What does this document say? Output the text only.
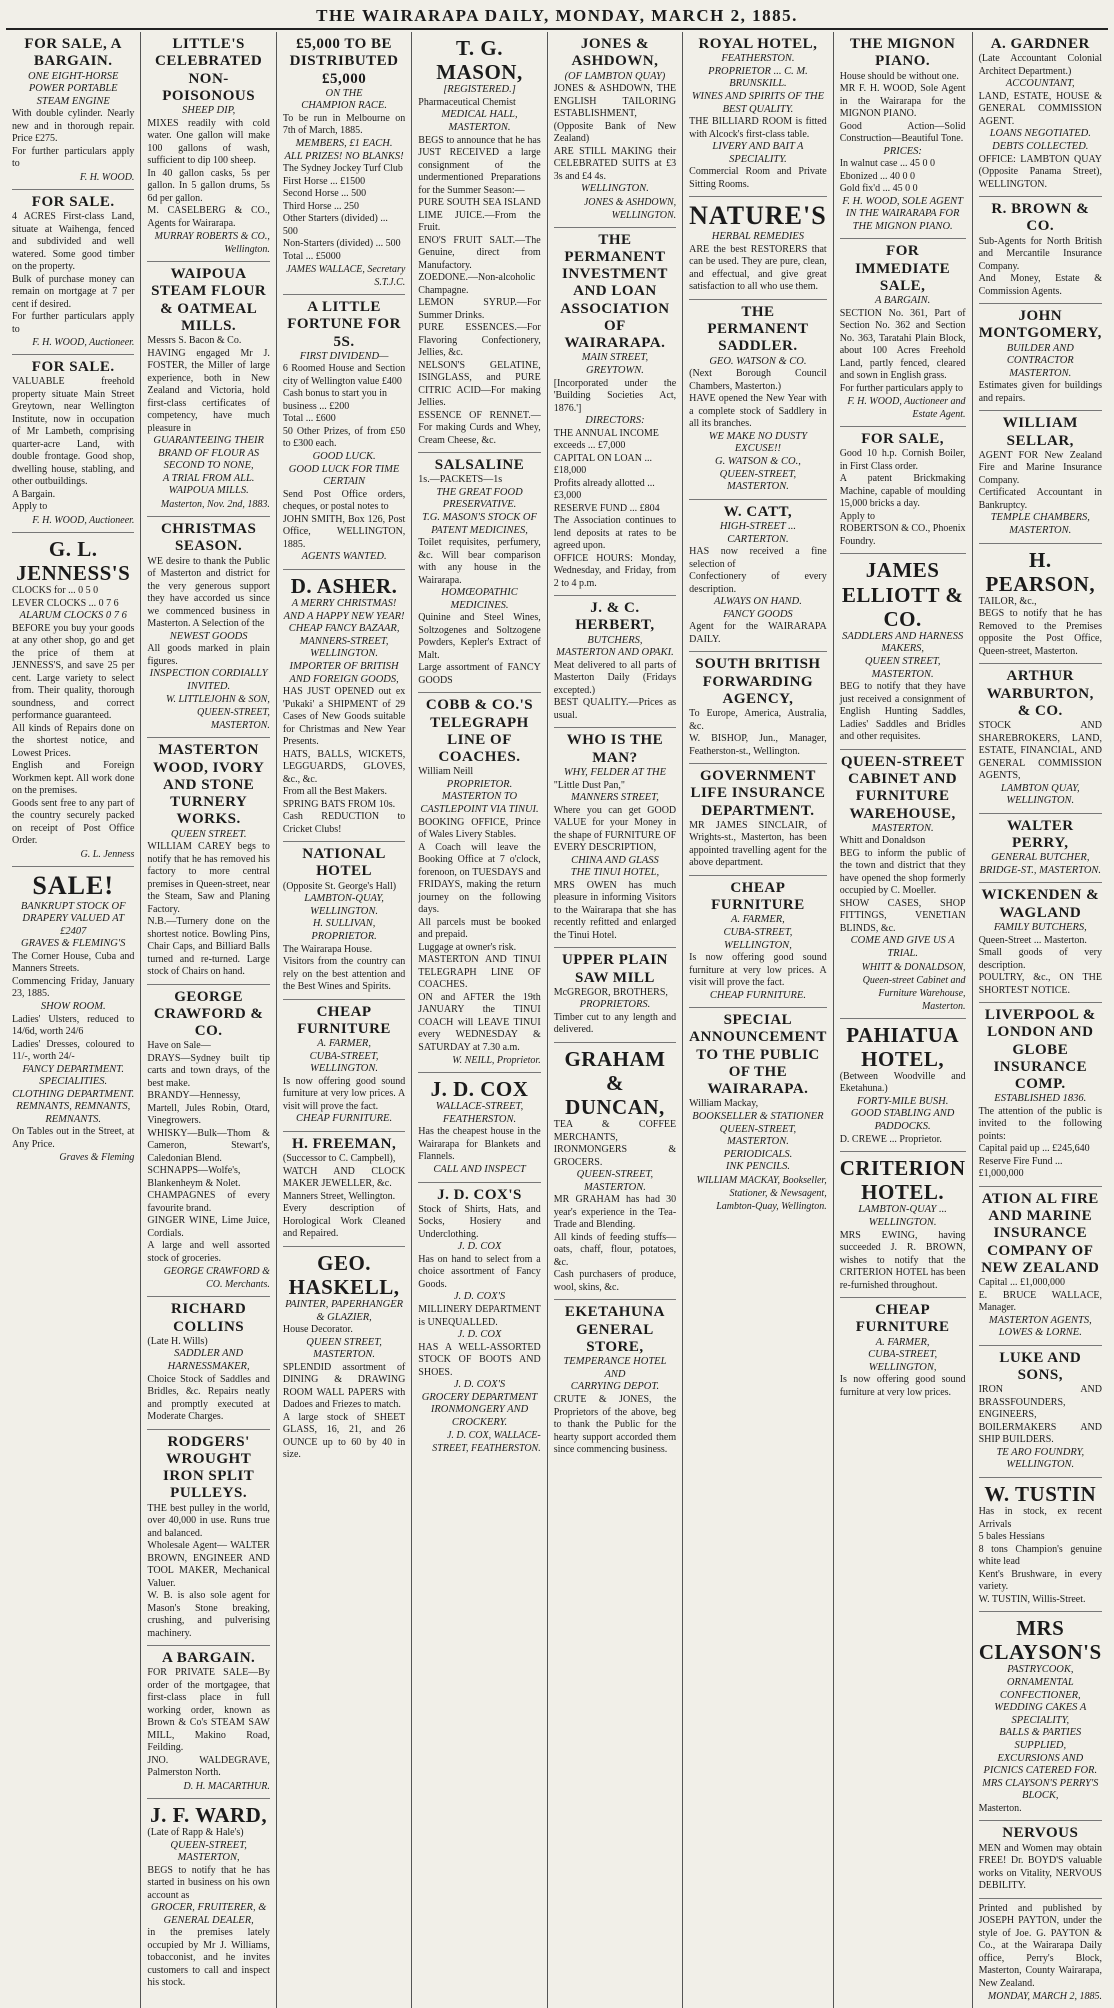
THE WAIRARAPA DAILY, MONDAY, MARCH 2, 1885.
FOR SALE, A BARGAIN.
ONE EIGHT-HORSE POWER PORTABLE
STEAM ENGINE
With double cylinder. Nearly new and in thorough repair. Price £275.
For further particulars apply to
F. H. WOOD.
FOR SALE.
4 ACRES First-class Land, situate at Waihenga, fenced and subdivided and well watered. Some good timber on the property.
Bulk of purchase money can remain on mortgage at 7 per cent if desired.
For further particulars apply to
F. H. WOOD, Auctioneer.
FOR SALE.
VALUABLE freehold property situate Main Street Greytown, near Wellington Institute, now in occupation of Mr Lambeth, comprising quarter-acre Land, with double frontage. Good shop, dwelling house, stabling, and other outbuildings.
A Bargain.
Apply to
F. H. WOOD, Auctioneer.
G. L. JENNESS'S
CLOCKS for ... 0 5 0
LEVER CLOCKS ... 0 7 6
ALARUM CLOCKS 0 7 6
BEFORE you buy your goods at any other shop, go and get the price of them at JENNESS'S, and save 25 per cent. Large variety to select from. Their quality, thorough soundness, and correct performance guaranteed.
All kinds of Repairs done on the shortest notice, and Lowest Prices.
English and Foreign Workmen kept. All work done on the premises.
Goods sent free to any part of the country securely packed on receipt of Post Office Order.
G. L. Jenness
SALE!
BANKRUPT STOCK OF DRAPERY VALUED AT £2407
GRAVES & FLEMING'S
The Corner House, Cuba and Manners Streets.
Commencing Friday, January 23, 1885.
SHOW ROOM.
Ladies' Ulsters, reduced to 14/6d, worth 24/6
Ladies' Dresses, coloured to 11/-, worth 24/-
FANCY DEPARTMENT.
SPECIALITIES.
CLOTHING DEPARTMENT.
REMNANTS, REMNANTS, REMNANTS.
On Tables out in the Street, at Any Price.
Graves & Fleming
LITTLE'S CELEBRATED NON-POISONOUS
SHEEP DIP,
MIXES readily with cold water. One gallon will make 100 gallons of wash, sufficient to dip 100 sheep.
In 40 gallon casks, 5s per gallon. In 5 gallon drums, 5s 6d per gallon.
M. CASELBERG & CO., Agents for Wairarapa.
MURRAY ROBERTS & CO., Wellington.
WAIPOUA STEAM FLOUR & OATMEAL MILLS.
Messrs S. Bacon & Co.
HAVING engaged Mr J. FOSTER, the Miller of large experience, both in New Zealand and Victoria, hold first-class certificates of competency, have much pleasure in
GUARANTEEING THEIR BRAND OF FLOUR AS
SECOND TO NONE,
A TRIAL FROM ALL.
WAIPOUA MILLS.
Masterton, Nov. 2nd, 1883.
CHRISTMAS SEASON.
WE desire to thank the Public of Masterton and district for the very generous support they have accorded us since we commenced business in Masterton. A Selection of the
NEWEST GOODS
All goods marked in plain figures.
INSPECTION CORDIALLY INVITED.
W. LITTLEJOHN & SON, QUEEN-STREET, MASTERTON.
MASTERTON WOOD, IVORY AND STONE TURNERY WORKS.
QUEEN STREET.
WILLIAM CAREY begs to notify that he has removed his factory to more central premises in Queen-street, near the Steam, Saw and Planing Factory.
N.B.—Turnery done on the shortest notice. Bowling Pins, Chair Caps, and Billiard Balls turned and re-turned. Large stock of Chairs on hand.
GEORGE CRAWFORD & CO.
Have on Sale—
DRAYS—Sydney built tip carts and town drays, of the best make.
BRANDY—Hennessy, Martell, Jules Robin, Otard, Vinegrowers.
WHISKY—Bulk—Thom & Cameron, Stewart's, Caledonian Blend.
SCHNAPPS—Wolfe's, Blankenheym & Nolet.
CHAMPAGNES of every favourite brand.
GINGER WINE, Lime Juice, Cordials.
A large and well assorted stock of groceries.
GEORGE CRAWFORD & CO. Merchants.
RICHARD COLLINS
(Late H. Wills)
SADDLER AND HARNESSMAKER,
Choice Stock of Saddles and Bridles, &c. Repairs neatly and promptly executed at Moderate Charges.
RODGERS' WROUGHT IRON SPLIT PULLEYS.
THE best pulley in the world, over 40,000 in use. Runs true and balanced.
Wholesale Agent— WALTER BROWN, ENGINEER AND TOOL MAKER, Mechanical Valuer.
W. B. is also sole agent for Mason's Stone breaking, crushing, and pulverising machinery.
A BARGAIN.
FOR PRIVATE SALE—By order of the mortgagee, that first-class place in full working order, known as Brown & Co's STEAM SAW MILL, Makino Road, Feilding.
JNO. WALDEGRAVE, Palmerston North.
D. H. MACARTHUR.
J. F. WARD,
(Late of Rapp & Hale's)
QUEEN-STREET, MASTERTON,
BEGS to notify that he has started in business on his own account as
GROCER, FRUITERER, & GENERAL DEALER,
in the premises lately occupied by Mr J. Williams, tobacconist, and he invites customers to call and inspect his stock.
£5,000 TO BE DISTRIBUTED £5,000
ON THE
CHAMPION RACE.
To be run in Melbourne on 7th of March, 1885.
MEMBERS, £1 EACH.
ALL PRIZES! NO BLANKS!
The Sydney Jockey Turf Club
First Horse ... £1500
Second Horse ... 500
Third Horse ... 250
Other Starters (divided) ... 500
Non-Starters (divided) ... 500
Total ... £5000
JAMES WALLACE, Secretary S.T.J.C.
A LITTLE FORTUNE FOR 5S.
FIRST DIVIDEND—
6 Roomed House and Section city of Wellington value £400
Cash bonus to start you in business ... £200
Total ... £600
50 Other Prizes, of from £50 to £300 each.
GOOD LUCK.
GOOD LUCK FOR TIME CERTAIN
Send Post Office orders, cheques, or postal notes to
JOHN SMITH, Box 126, Post Office, WELLINGTON, 1885.
AGENTS WANTED.
D. ASHER.
A MERRY CHRISTMAS! AND A HAPPY NEW YEAR!
CHEAP FANCY BAZAAR,
MANNERS-STREET, WELLINGTON.
IMPORTER OF BRITISH AND FOREIGN GOODS,
HAS JUST OPENED out ex 'Pukaki' a SHIPMENT of 29 Cases of New Goods suitable for Christmas and New Year Presents.
HATS, BALLS, WICKETS, LEGGUARDS, GLOVES, &c., &c.
From all the Best Makers.
SPRING BATS FROM 10s.
Cash REDUCTION to Cricket Clubs!
NATIONAL HOTEL
(Opposite St. George's Hall)
LAMBTON-QUAY, WELLINGTON.
H. SULLIVAN, PROPRIETOR.
The Wairarapa House.
Visitors from the country can rely on the best attention and the Best Wines and Spirits.
CHEAP FURNITURE
A. FARMER,
CUBA-STREET, WELLINGTON.
Is now offering good sound furniture at very low prices. A visit will prove the fact.
CHEAP FURNITURE.
H. FREEMAN,
(Successor to C. Campbell),
WATCH AND CLOCK MAKER JEWELLER, &c.
Manners Street, Wellington.
Every description of Horological Work Cleaned and Repaired.
GEO. HASKELL,
PAINTER, PAPERHANGER & GLAZIER,
House Decorator.
QUEEN STREET, MASTERTON.
SPLENDID assortment of DINING & DRAWING ROOM WALL PAPERS with Dadoes and Friezes to match.
A large stock of SHEET GLASS, 16, 21, and 26 OUNCE up to 60 by 40 in size.
T. G. MASON,
[REGISTERED.]
Pharmaceutical Chemist
MEDICAL HALL, MASTERTON.
BEGS to announce that he has JUST RECEIVED a large consignment of the undermentioned Preparations for the Summer Season:—
PURE SOUTH SEA ISLAND LIME JUICE.—From the Fruit.
ENO'S FRUIT SALT.—The Genuine, direct from Manufactory.
ZOEDONE.—Non-alcoholic Champagne.
LEMON SYRUP.—For Summer Drinks.
PURE ESSENCES.—For Flavoring Confectionery, Jellies, &c.
NELSON'S GELATINE, ISINGLASS, and PURE CITRIC ACID—For making Jellies.
ESSENCE OF RENNET.—For making Curds and Whey, Cream Cheese, &c.
SALSALINE
1s.—PACKETS—1s
THE GREAT FOOD PRESERVATIVE.
T.G. MASON'S STOCK OF PATENT MEDICINES,
Toilet requisites, perfumery, &c. Will bear comparison with any house in the Wairarapa.
HOMŒOPATHIC MEDICINES.
Quinine and Steel Wines, Soltzogenes and Soltzogene Powders, Kepler's Extract of Malt.
Large assortment of FANCY GOODS
COBB & CO.'S TELEGRAPH LINE OF COACHES.
William Neill
PROPRIETOR.
MASTERTON TO CASTLEPOINT VIA TINUI.
BOOKING OFFICE, Prince of Wales Livery Stables.
A Coach will leave the Booking Office at 7 o'clock, forenoon, on TUESDAYS and FRIDAYS, making the return journey on the following days.
All parcels must be booked and prepaid.
Luggage at owner's risk.
MASTERTON AND TINUI TELEGRAPH LINE OF COACHES.
ON and AFTER the 19th JANUARY the TINUI COACH will LEAVE TINUI every WEDNESDAY & SATURDAY at 7.30 a.m.
W. NEILL, Proprietor.
J. D. COX
WALLACE-STREET,
FEATHERSTON.
Has the cheapest house in the Wairarapa for Blankets and Flannels.
CALL AND INSPECT
J. D. COX'S
Stock of Shirts, Hats, and Socks, Hosiery and Underclothing.
J. D. COX
Has on hand to select from a choice assortment of Fancy Goods.
J. D. COX'S
MILLINERY DEPARTMENT is UNEQUALLED.
J. D. COX
HAS A WELL-ASSORTED STOCK OF BOOTS AND SHOES.
J. D. COX'S
GROCERY DEPARTMENT
IRONMONGERY AND CROCKERY.
J. D. COX, WALLACE-STREET, FEATHERSTON.
JONES & ASHDOWN,
(OF LAMBTON QUAY)
JONES & ASHDOWN, THE ENGLISH TAILORING ESTABLISHMENT, (Opposite Bank of New Zealand)
ARE STILL MAKING their CELEBRATED SUITS at £3 3s and £4 4s.
WELLINGTON.
JONES & ASHDOWN, WELLINGTON.
THE PERMANENT INVESTMENT AND LOAN ASSOCIATION OF WAIRARAPA.
MAIN STREET, GREYTOWN.
[Incorporated under the 'Building Societies Act, 1876.']
DIRECTORS:
THE ANNUAL INCOME exceeds ... £7,000
CAPITAL ON LOAN ... £18,000
Profits already allotted ... £3,000
RESERVE FUND ... £804
The Association continues to lend deposits at rates to be agreed upon.
OFFICE HOURS: Monday, Wednesday, and Friday, from 2 to 4 p.m.
J. & C. HERBERT,
BUTCHERS,
MASTERTON AND OPAKI.
Meat delivered to all parts of Masterton Daily (Fridays excepted.)
BEST QUALITY.—Prices as usual.
WHO IS THE MAN?
WHY, FELDER AT THE
"Little Dust Pan,"
MANNERS STREET,
Where you can get GOOD VALUE for your Money in the shape of FURNITURE OF EVERY DESCRIPTION,
CHINA AND GLASS
THE TINUI HOTEL,
MRS OWEN has much pleasure in informing Visitors to the Wairarapa that she has recently refitted and enlarged the Tinui Hotel.
UPPER PLAIN SAW MILL
McGREGOR, BROTHERS,
PROPRIETORS.
Timber cut to any length and delivered.
GRAHAM & DUNCAN,
TEA & COFFEE MERCHANTS, IRONMONGERS & GROCERS.
QUEEN-STREET, MASTERTON.
MR GRAHAM has had 30 year's experience in the Tea-Trade and Blending.
All kinds of feeding stuffs—oats, chaff, flour, potatoes, &c.
Cash purchasers of produce, wool, skins, &c.
EKETAHUNA GENERAL STORE,
TEMPERANCE HOTEL
AND
CARRYING DEPOT.
CRUTE & JONES, the Proprietors of the above, beg to thank the Public for the hearty support accorded them since commencing business.
ROYAL HOTEL,
FEATHERSTON.
PROPRIETOR ... C. M. BRUNSKILL.
WINES AND SPIRITS OF THE BEST QUALITY.
THE BILLIARD ROOM is fitted with Alcock's first-class table.
LIVERY AND BAIT A SPECIALITY.
Commercial Room and Private Sitting Rooms.
NATURE'S
HERBAL REMEDIES
ARE the best RESTORERS that can be used. They are pure, clean, and effectual, and give great satisfaction to all who use them.
THE PERMANENT SADDLER.
GEO. WATSON & CO.
(Next Borough Council Chambers, Masterton.)
HAVE opened the New Year with a complete stock of Saddlery in all its branches.
WE MAKE NO DUSTY EXCUSE!!
G. WATSON & CO.,
QUEEN-STREET, MASTERTON.
W. CATT,
HIGH-STREET ... CARTERTON.
HAS now received a fine selection of
Confectionery of every description.
ALWAYS ON HAND.
FANCY GOODS
Agent for the WAIRARAPA DAILY.
SOUTH BRITISH FORWARDING AGENCY,
To Europe, America, Australia, &c.
W. BISHOP, Jun., Manager, Featherston-st., Wellington.
GOVERNMENT LIFE INSURANCE DEPARTMENT.
MR JAMES SINCLAIR, of Wrights-st., Masterton, has been appointed travelling agent for the above department.
CHEAP FURNITURE
A. FARMER,
CUBA-STREET, WELLINGTON,
Is now offering good sound furniture at very low prices. A visit will prove the fact.
CHEAP FURNITURE.
SPECIAL ANNOUNCEMENT TO THE PUBLIC OF THE WAIRARAPA.
William Mackay,
BOOKSELLER & STATIONER
QUEEN-STREET, MASTERTON.
PERIODICALS.
INK PENCILS.
WILLIAM MACKAY, Bookseller, Stationer, & Newsagent, Lambton-Quay, Wellington.
THE MIGNON PIANO.
House should be without one.
MR F. H. WOOD, Sole Agent in the Wairarapa for the MIGNON PIANO.
Good Action—Solid Construction—Beautiful Tone.
PRICES:
In walnut case ... 45 0 0
Ebonized ... 40 0 0
Gold fix'd ... 45 0 0
F. H. WOOD, SOLE AGENT IN THE WAIRARAPA FOR
THE MIGNON PIANO.
FOR IMMEDIATE SALE,
A BARGAIN.
SECTION No. 361, Part of Section No. 362 and Section No. 363, Taratahi Plain Block, about 100 Acres Freehold Land, partly fenced, cleared and sown in English grass.
For further particulars apply to
F. H. WOOD, Auctioneer and Estate Agent.
FOR SALE,
Good 10 h.p. Cornish Boiler, in First Class order.
A patent Brickmaking Machine, capable of moulding 15,000 bricks a day.
Apply to
ROBERTSON & CO., Phoenix Foundry.
JAMES ELLIOTT & CO.
SADDLERS AND HARNESS MAKERS,
QUEEN STREET, MASTERTON.
BEG to notify that they have just received a consignment of English Hunting Saddles, Ladies' Saddles and Bridles and other requisites.
QUEEN-STREET CABINET AND FURNITURE WAREHOUSE,
MASTERTON.
Whitt and Donaldson
BEG to inform the public of the town and district that they have opened the shop formerly occupied by C. Moeller.
SHOW CASES, SHOP FITTINGS, VENETIAN BLINDS, &c.
COME AND GIVE US A TRIAL.
WHITT & DONALDSON, Queen-street Cabinet and Furniture Warehouse, Masterton.
PAHIATUA HOTEL,
(Between Woodville and Eketahuna.)
FORTY-MILE BUSH.
GOOD STABLING AND PADDOCKS.
D. CREWE ... Proprietor.
CRITERION HOTEL.
LAMBTON-QUAY ... WELLINGTON.
MRS EWING, having succeeded J. R. BROWN, wishes to notify that the CRITERION HOTEL has been re-furnished throughout.
CHEAP FURNITURE
A. FARMER,
CUBA-STREET, WELLINGTON,
Is now offering good sound furniture at very low prices.
A. GARDNER
(Late Accountant Colonial Architect Department.)
ACCOUNTANT,
LAND, ESTATE, HOUSE & GENERAL COMMISSION AGENT.
LOANS NEGOTIATED. DEBTS COLLECTED.
OFFICE: LAMBTON QUAY (Opposite Panama Street), WELLINGTON.
R. BROWN & CO.
Sub-Agents for North British and Mercantile Insurance Company.
And Money, Estate & Commission Agents.
JOHN MONTGOMERY,
BUILDER AND CONTRACTOR
MASTERTON.
Estimates given for buildings and repairs.
WILLIAM SELLAR,
AGENT FOR New Zealand Fire and Marine Insurance Company.
Certificated Accountant in Bankruptcy.
TEMPLE CHAMBERS, MASTERTON.
H. PEARSON,
TAILOR, &c.,
BEGS to notify that he has Removed to the Premises opposite the Post Office, Queen-street, Masterton.
ARTHUR WARBURTON, & CO.
STOCK AND SHAREBROKERS, LAND, ESTATE, FINANCIAL, AND GENERAL COMMISSION AGENTS,
LAMBTON QUAY, WELLINGTON.
WALTER PERRY,
GENERAL BUTCHER, BRIDGE-ST., MASTERTON.
WICKENDEN & WAGLAND
FAMILY BUTCHERS,
Queen-Street ... Masterton.
Small goods of very description.
POULTRY, &c., ON THE SHORTEST NOTICE.
LIVERPOOL & LONDON AND GLOBE INSURANCE COMP.
ESTABLISHED 1836.
The attention of the public is invited to the following points:
Capital paid up ... £245,640
Reserve Fire Fund ... £1,000,000
ATION AL FIRE AND MARINE INSURANCE COMPANY OF NEW ZEALAND
Capital ... £1,000,000
E. BRUCE WALLACE, Manager.
MASTERTON AGENTS, LOWES & LORNE.
LUKE AND SONS,
IRON AND BRASSFOUNDERS, ENGINEERS, BOILERMAKERS AND SHIP BUILDERS.
TE ARO FOUNDRY, WELLINGTON.
W. TUSTIN
Has in stock, ex recent Arrivals
5 bales Hessians
8 tons Champion's genuine white lead
Kent's Brushware, in every variety.
W. TUSTIN, Willis-Street.
MRS CLAYSON'S
PASTRYCOOK, ORNAMENTAL CONFECTIONER,
WEDDING CAKES A SPECIALITY,
BALLS & PARTIES SUPPLIED,
EXCURSIONS AND PICNICS CATERED FOR.
MRS CLAYSON'S PERRY'S BLOCK,
Masterton.
NERVOUS
MEN and Women may obtain FREE! Dr. BOYD'S valuable works on Vitality, NERVOUS DEBILITY.
Printed and published by JOSEPH PAYTON, under the style of Joe. G. PAYTON & Co., at the Wairarapa Daily office, Perry's Block, Masterton, County Wairarapa, New Zealand.
MONDAY, MARCH 2, 1885.
